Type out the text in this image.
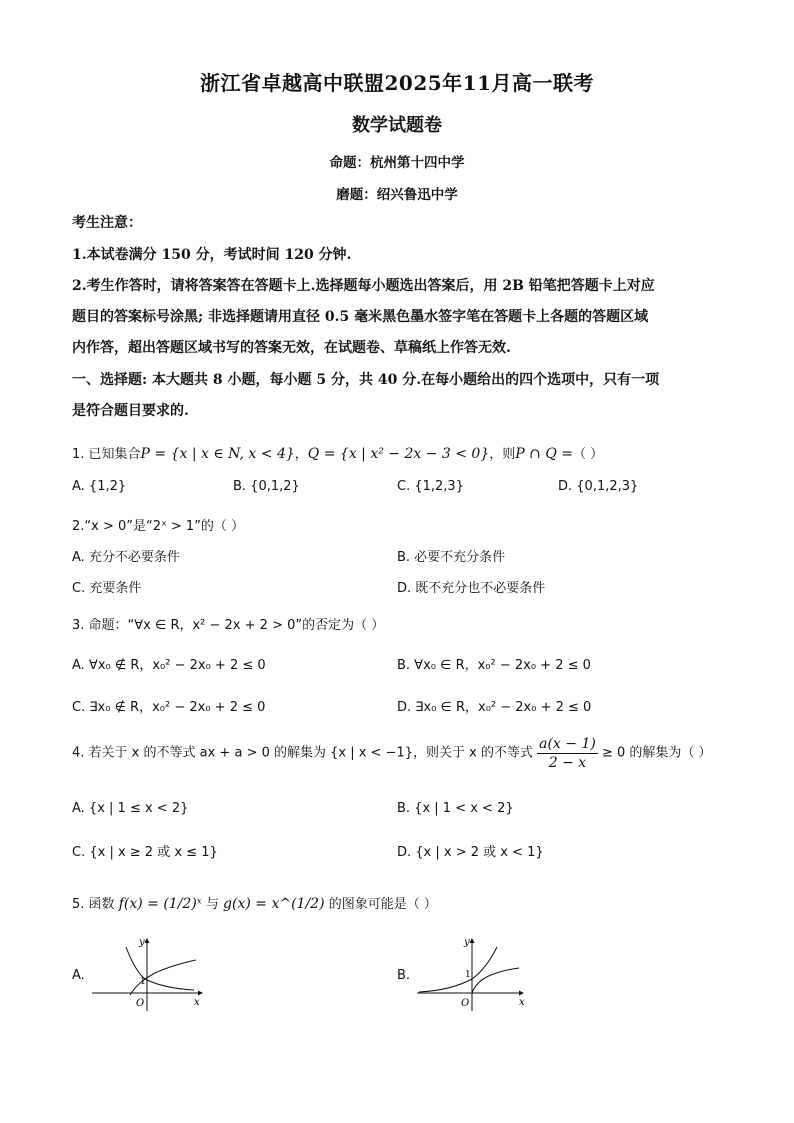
浙江省卓越高中联盟2025年11月高一联考
数学试题卷
命题：杭州第十四中学
磨题：绍兴鲁迅中学
考生注意：
1.本试卷满分 150 分，考试时间 120 分钟.
2.考生作答时，请将答案答在答题卡上.选择题每小题选出答案后，用 2B 铅笔把答题卡上对应
题目的答案标号涂黑; 非选择题请用直径 0.5 毫米黑色墨水签字笔在答题卡上各题的答题区域
内作答，超出答题区域书写的答案无效，在试题卷、草稿纸上作答无效.
一、选择题: 本大题共 8 小题，每小题 5 分，共 40 分.在每小题给出的四个选项中，只有一项
是符合题目要求的.
1. 已知集合P = {x | x ∈ N, x < 4}，Q = {x | x² − 2x − 3 < 0}，则P ∩ Q =（ ）
A. {1,2}	B. {0,1,2}	C. {1,2,3}	D. {0,1,2,3}
2.“x > 0”是“2ˣ > 1”的（ ）
A. 充分不必要条件	B. 必要不充分条件
C. 充要条件	D. 既不充分也不必要条件
3. 命题：“∀x ∈ R，x² − 2x + 2 > 0”的否定为（ ）
A. ∀x₀ ∉ R，x₀² − 2x₀ + 2 ≤ 0	B. ∀x₀ ∈ R，x₀² − 2x₀ + 2 ≤ 0
C. ∃x₀ ∉ R，x₀² − 2x₀ + 2 ≤ 0	D. ∃x₀ ∈ R，x₀² − 2x₀ + 2 ≤ 0
4. 若关于 x 的不等式 ax + a > 0 的解集为 {x | x < −1}，则关于 x 的不等式 $\frac{a(x - 1)}{2 - x} \ge 0$ 的解集为（ ）
A. {x | 1 ≤ x < 2}	B. {x | 1 < x < 2}
C. {x | x ≥ 2 或 x ≤ 1}	D. {x | x > 2 或 x < 1}
5. 函数 f(x) = (1/2)ˣ 与 g(x) = x^(1/2) 的图象可能是（ ）
A.	B.
y
x
O
1
y
x
O
1
